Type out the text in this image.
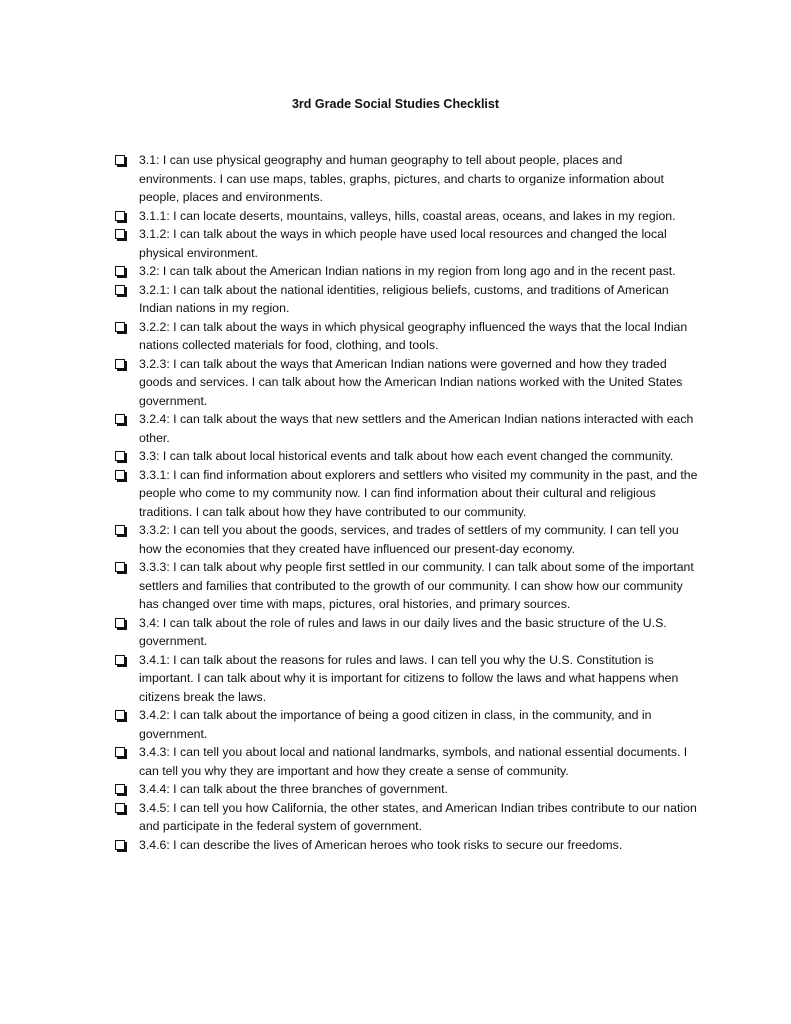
3rd Grade Social Studies Checklist
3.1: I can use physical geography and human geography to tell about people, places and environments. I can use maps, tables, graphs, pictures, and charts to organize information about people, places and environments.
3.1.1: I can locate deserts, mountains, valleys, hills, coastal areas, oceans, and lakes in my region.
3.1.2: I can talk about the ways in which people have used local resources and changed the local physical environment.
3.2: I can talk about the American Indian nations in my region from long ago and in the recent past.
3.2.1: I can talk about the national identities, religious beliefs, customs, and traditions of American Indian nations in my region.
3.2.2: I can talk about the ways in which physical geography influenced the ways that the local Indian nations collected materials for food, clothing, and tools.
3.2.3: I can talk about the ways that American Indian nations were governed and how they traded goods and services. I can talk about how the American Indian nations worked with the United States government.
3.2.4: I can talk about the ways that new settlers and the American Indian nations interacted with each other.
3.3: I can talk about local historical events and talk about how each event changed the community.
3.3.1: I can find information about explorers and settlers who visited my community in the past, and the people who come to my community now. I can find information about their cultural and religious traditions. I can talk about how they have contributed to our community.
3.3.2: I can tell you about the goods, services, and trades of settlers of my community. I can tell you how the economies that they created have influenced our present-day economy.
3.3.3: I can talk about why people first settled in our community. I can talk about some of the important settlers and families that contributed to the growth of our community. I can show how our community has changed over time with maps, pictures, oral histories, and primary sources.
3.4: I can talk about the role of rules and laws in our daily lives and the basic structure of the U.S. government.
3.4.1: I can talk about the reasons for rules and laws. I can tell you why the U.S. Constitution is important. I can talk about why it is important for citizens to follow the laws and what happens when citizens break the laws.
3.4.2: I can talk about the importance of being a good citizen in class, in the community, and in government.
3.4.3: I can tell you about local and national landmarks, symbols, and national essential documents. I can tell you why they are important and how they create a sense of community.
3.4.4: I can talk about the three branches of government.
3.4.5: I can tell you how California, the other states, and American Indian tribes contribute to our nation and participate in the federal system of government.
3.4.6: I can describe the lives of American heroes who took risks to secure our freedoms.
